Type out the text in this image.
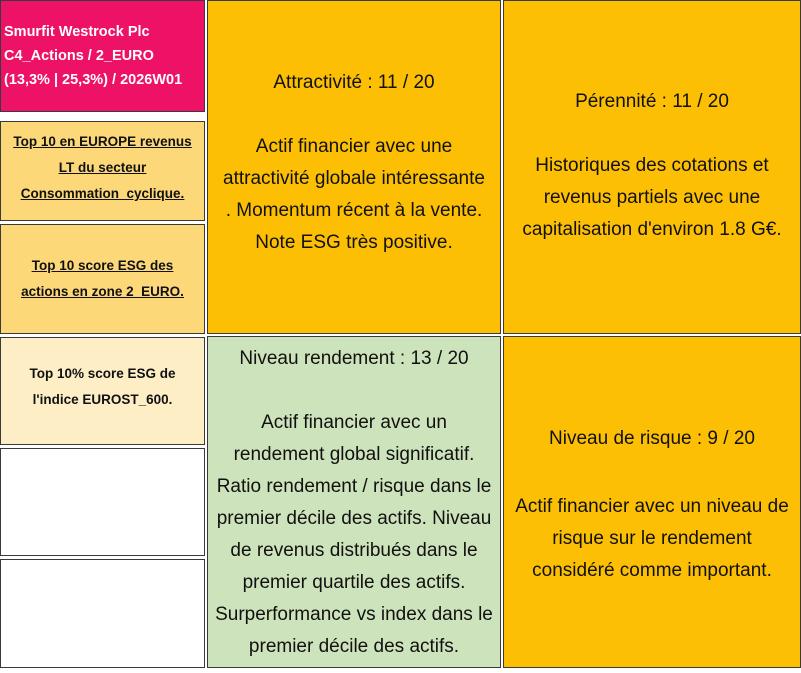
Smurfit Westrock Plc
C4_Actions / 2_EURO
(13,3% | 25,3%) / 2026W01
Top 10 en EUROPE revenus
LT du secteur
Consommation_cyclique.
Top 10 score ESG des
actions en zone 2_EURO.
Top 10% score ESG de
l'indice EUROST_600.
Attractivité : 11 / 20
Actif financier avec une
attractivité globale intéressante
. Momentum récent à la vente.
Note ESG très positive.
Pérennité : 11 / 20
Historiques des cotations et
revenus partiels avec une
capitalisation d'environ 1.8 G€.
Niveau rendement : 13 / 20
Actif financier avec un
rendement global significatif.
Ratio rendement / risque dans le
premier décile des actifs. Niveau
de revenus distribués dans le
premier quartile des actifs.
Surperformance vs index dans le
premier décile des actifs.
Niveau de risque : 9 / 20
Actif financier avec un niveau de
risque sur le rendement
considéré comme important.
